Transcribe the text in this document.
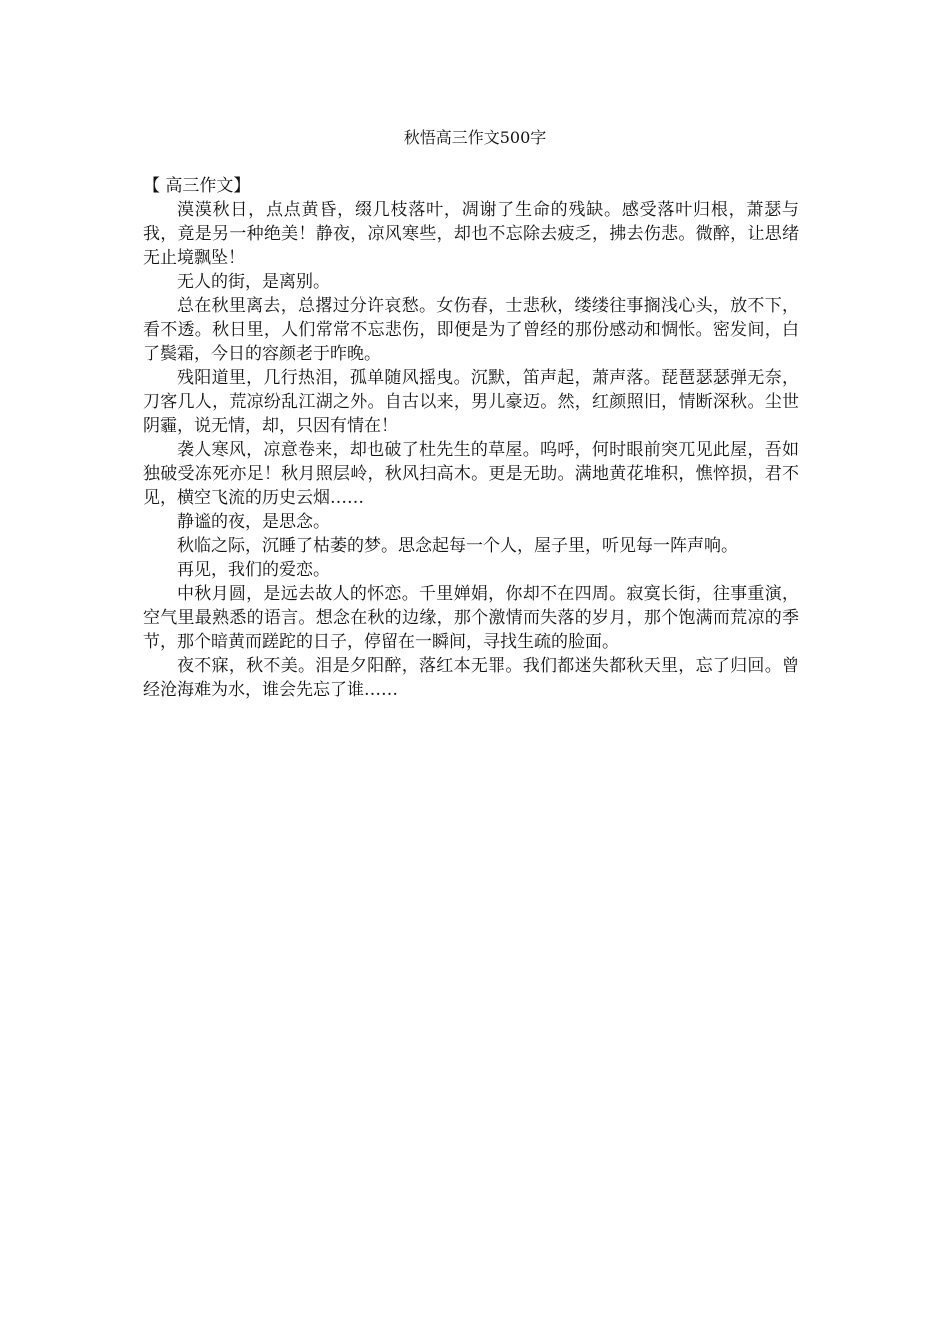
秋悟高三作文500字

【 高三作文】

漠漠秋日，点点黄昏，缀几枝落叶，凋谢了生命的残缺。感受落叶归根，萧瑟与我，竟是另一种绝美！静夜，凉风寒些，却也不忘除去疲乏，拂去伤悲。微醉，让思绪无止境飘坠！

无人的街，是离别。

总在秋里离去，总撂过分许哀愁。女伤春，士悲秋，缕缕往事搁浅心头，放不下，看不透。秋日里，人们常常不忘悲伤，即便是为了曾经的那份感动和惆怅。密发间，白了鬓霜，今日的容颜老于昨晚。

残阳道里，几行热泪，孤单随风摇曳。沉默，笛声起，萧声落。琵琶瑟瑟弹无奈，刀客几人，荒凉纷乱江湖之外。自古以来，男儿豪迈。然，红颜照旧，情断深秋。尘世阴霾，说无情，却，只因有情在！

袭人寒风，凉意卷来，却也破了杜先生的草屋。呜呼，何时眼前突兀见此屋，吾如独破受冻死亦足！秋月照层岭，秋风扫高木。更是无助。满地黄花堆积，憔悴损，君不见，横空飞流的历史云烟……

静谧的夜，是思念。

秋临之际，沉睡了枯萎的梦。思念起每一个人，屋子里，听见每一阵声响。

再见，我们的爱恋。

中秋月圆，是远去故人的怀恋。千里婵娟，你却不在四周。寂寞长街，往事重演，空气里最熟悉的语言。想念在秋的边缘，那个激情而失落的岁月，那个饱满而荒凉的季节，那个暗黄而蹉跎的日子，停留在一瞬间，寻找生疏的脸面。

夜不寐，秋不美。泪是夕阳醉，落红本无罪。我们都迷失都秋天里，忘了归回。曾经沧海难为水，谁会先忘了谁……
